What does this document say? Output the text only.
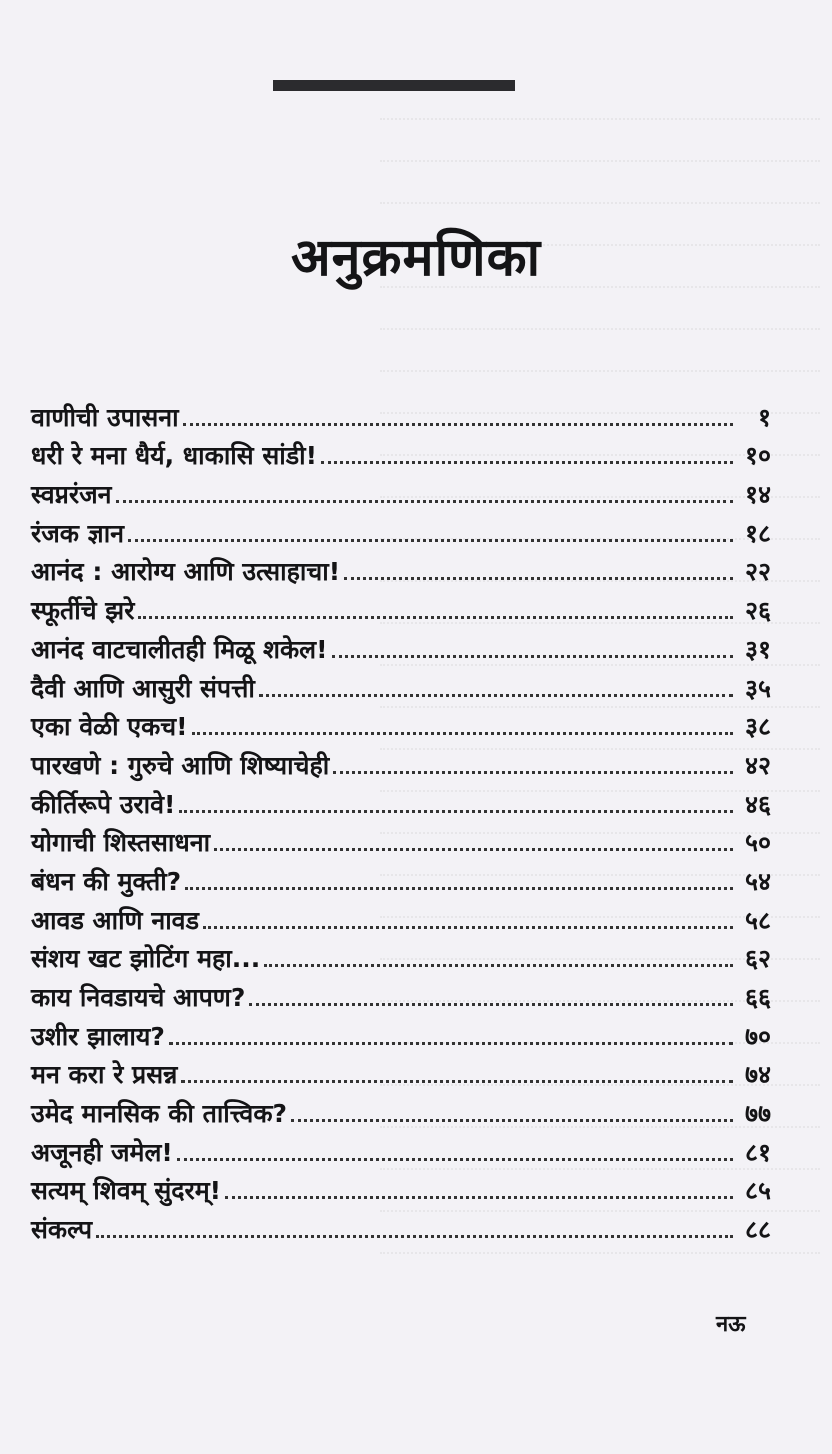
अनुक्रमणिका
वाणीची उपासना	१
धरी रे मना धैर्य, धाकासि सांडी!	१०
स्वप्नरंजन	१४
रंजक ज्ञान	१८
आनंद : आरोग्य आणि उत्साहाचा!	२२
स्फूर्तीचे झरे	२६
आनंद वाटचालीतही मिळू शकेल!	३१
दैवी आणि आसुरी संपत्ती	३५
एका वेळी एकच!	३८
पारखणे : गुरुचे आणि शिष्याचेही	४२
कीर्तिरूपे उरावे!	४६
योगाची शिस्तसाधना	५०
बंधन की मुक्ती?	५४
आवड आणि नावड	५८
संशय खट झोटिंग महा...	६२
काय निवडायचे आपण?	६६
उशीर झालाय?	७०
मन करा रे प्रसन्न	७४
उमेद मानसिक की तात्त्विक?	७७
अजूनही जमेल!	८१
सत्यम् शिवम् सुंदरम्!	८५
संकल्प	८८
नऊ
